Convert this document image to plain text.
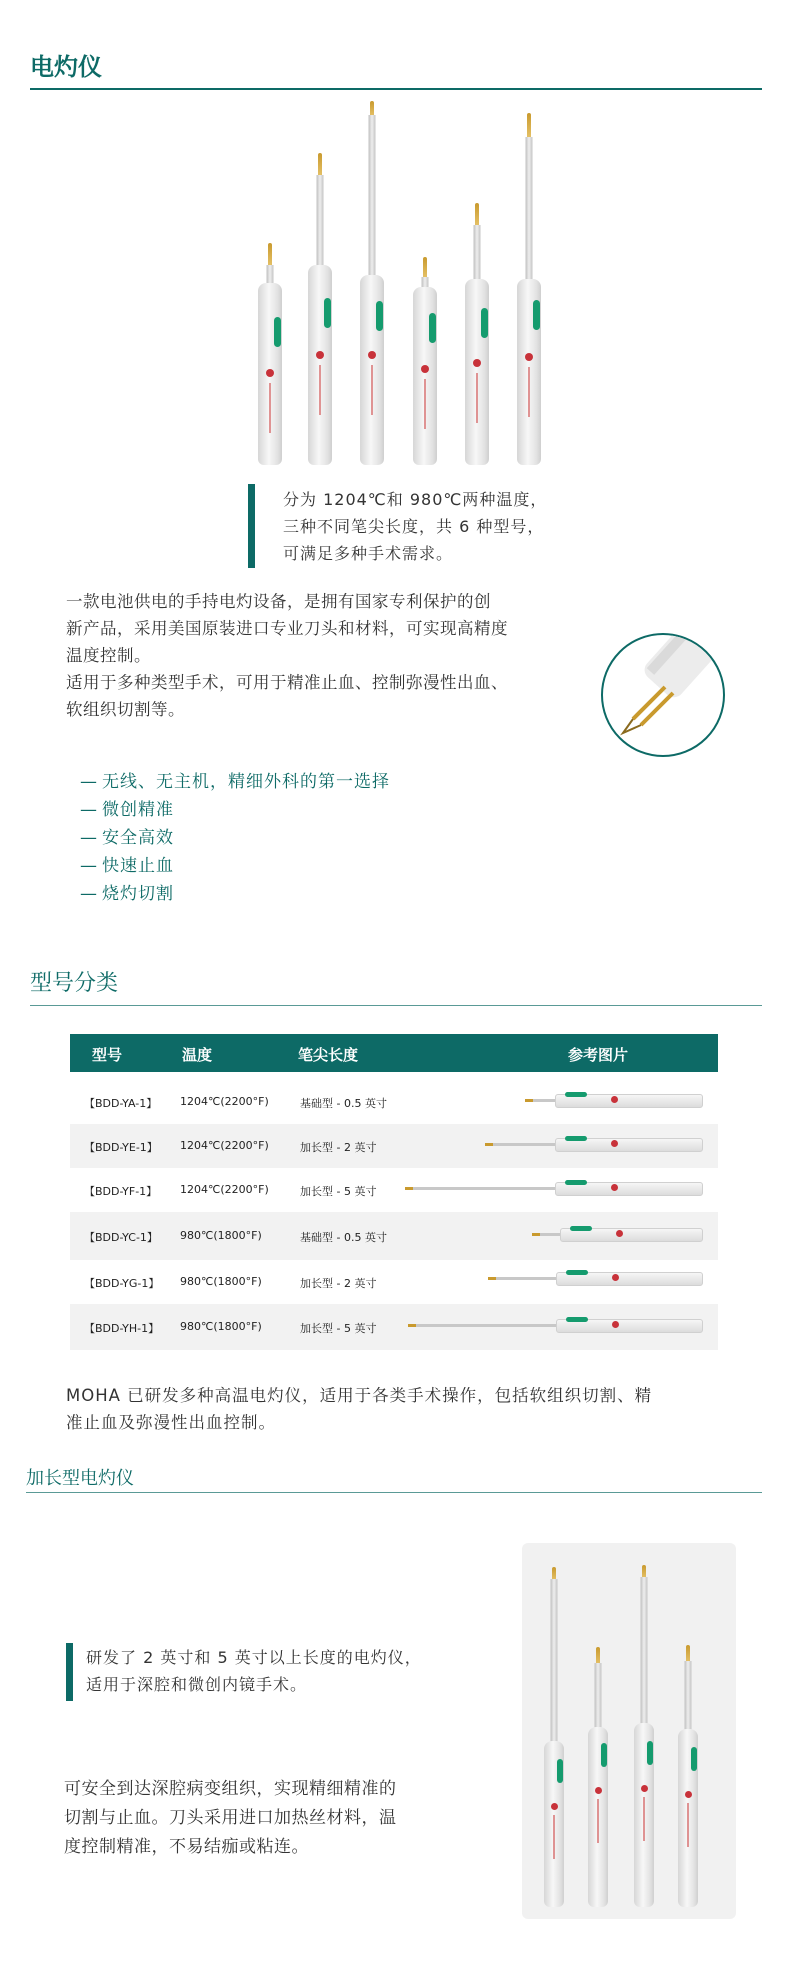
电灼仪
分为 1204℃和 980℃两种温度，
三种不同笔尖长度，共 6 种型号，
可满足多种手术需求。
一款电池供电的手持电灼设备，是拥有国家专利保护的创
新产品，采用美国原装进口专业刀头和材料，可实现高精度
温度控制。
适用于多种类型手术，可用于精准止血、控制弥漫性出血、
软组织切割等。
— 无线、无主机，精细外科的第一选择
— 微创精准
— 安全高效
— 快速止血
— 烧灼切割
型号分类
型号	温度	笔尖长度	参考图片
【BDD-YA-1】 1204℃(2200°F)	基础型 - 0.5 英寸
【BDD-YE-1】 1204℃(2200°F)	加长型 - 2 英寸
【BDD-YF-1】 1204℃(2200°F)	加长型 - 5 英寸
【BDD-YC-1】 980℃(1800°F)	基础型 - 0.5 英寸
【BDD-YG-1】 980℃(1800°F)	加长型 - 2 英寸
【BDD-YH-1】 980℃(1800°F)	加长型 - 5 英寸
MOHA 已研发多种高温电灼仪，适用于各类手术操作，包括软组织切割、精
准止血及弥漫性出血控制。
加长型电灼仪
研发了 2 英寸和 5 英寸以上长度的电灼仪，
适用于深腔和微创内镜手术。
可安全到达深腔病变组织，实现精细精准的
切割与止血。刀头采用进口加热丝材料，温
度控制精准，不易结痂或粘连。
